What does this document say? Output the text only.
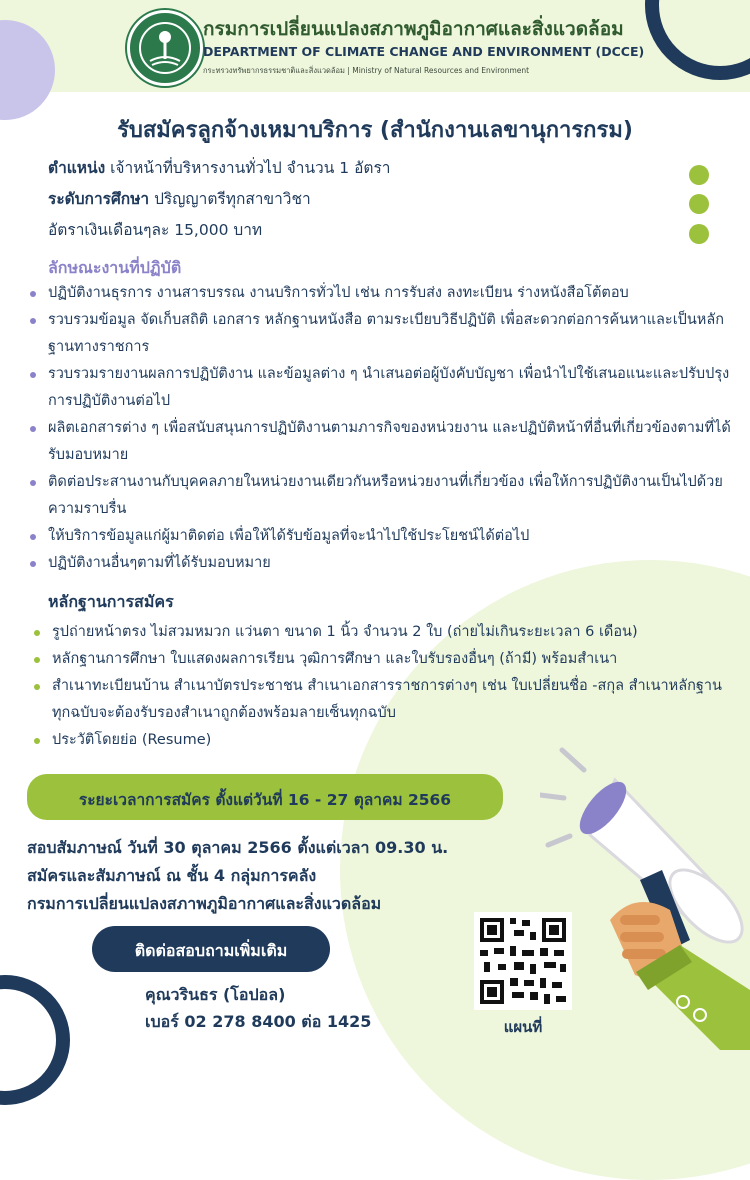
กรมการเปลี่ยนแปลงสภาพภูมิอากาศและสิ่งแวดล้อม
DEPARTMENT OF CLIMATE CHANGE AND ENVIRONMENT (DCCE)
กระทรวงทรัพยากรธรรมชาติและสิ่งแวดล้อม | Ministry of Natural Resources and Environment
รับสมัครลูกจ้างเหมาบริการ (สำนักงานเลขานุการกรม)
ตำแหน่ง เจ้าหน้าที่บริหารงานทั่วไป จำนวน 1 อัตรา
ระดับการศึกษา ปริญญาตรีทุกสาขาวิชา
อัตราเงินเดือนๆละ 15,000 บาท
ลักษณะงานที่ปฏิบัติ
ปฏิบัติงานธุรการ งานสารบรรณ งานบริการทั่วไป เช่น การรับส่ง ลงทะเบียน ร่างหนังสือโต้ตอบ
รวบรวมข้อมูล จัดเก็บสถิติ เอกสาร หลักฐานหนังสือ ตามระเบียบวิธีปฏิบัติ เพื่อสะดวกต่อการค้นหาและเป็นหลักฐานทางราชการ
รวบรวมรายงานผลการปฏิบัติงาน และข้อมูลต่าง ๆ นำเสนอต่อผู้บังคับบัญชา เพื่อนำไปใช้เสนอแนะและปรับปรุงการปฏิบัติงานต่อไป
ผลิตเอกสารต่าง ๆ เพื่อสนับสนุนการปฏิบัติงานตามภารกิจของหน่วยงาน และปฏิบัติหน้าที่อื่นที่เกี่ยวข้องตามที่ได้รับมอบหมาย
ติดต่อประสานงานกับบุคคลภายในหน่วยงานเดียวกันหรือหน่วยงานที่เกี่ยวข้อง เพื่อให้การปฏิบัติงานเป็นไปด้วยความราบรื่น
ให้บริการข้อมูลแก่ผู้มาติดต่อ เพื่อให้ได้รับข้อมูลที่จะนำไปใช้ประโยชน์ได้ต่อไป
ปฏิบัติงานอื่นๆตามที่ได้รับมอบหมาย
หลักฐานการสมัคร
รูปถ่ายหน้าตรง ไม่สวมหมวก แว่นตา ขนาด 1 นิ้ว จำนวน 2 ใบ (ถ่ายไม่เกินระยะเวลา 6 เดือน)
หลักฐานการศึกษา ใบแสดงผลการเรียน วุฒิการศึกษา และใบรับรองอื่นๆ (ถ้ามี) พร้อมสำเนา
สำเนาทะเบียนบ้าน สำเนาบัตรประชาชน สำเนาเอกสารราชการต่างๆ เช่น ใบเปลี่ยนชื่อ -สกุล สำเนาหลักฐานทุกฉบับจะต้องรับรองสำเนาถูกต้องพร้อมลายเซ็นทุกฉบับ
ประวัติโดยย่อ (Resume)
ระยะเวลาการสมัคร ตั้งแต่วันที่ 16 - 27 ตุลาคม 2566
สอบสัมภาษณ์ วันที่ 30 ตุลาคม 2566 ตั้งแต่เวลา 09.30 น.
สมัครและสัมภาษณ์ ณ ชั้น 4 กลุ่มการคลัง
กรมการเปลี่ยนแปลงสภาพภูมิอากาศและสิ่งแวดล้อม
ติดต่อสอบถามเพิ่มเติม
คุณวรินธร (โอปอล)
เบอร์ 02 278 8400 ต่อ 1425	แผนที่
